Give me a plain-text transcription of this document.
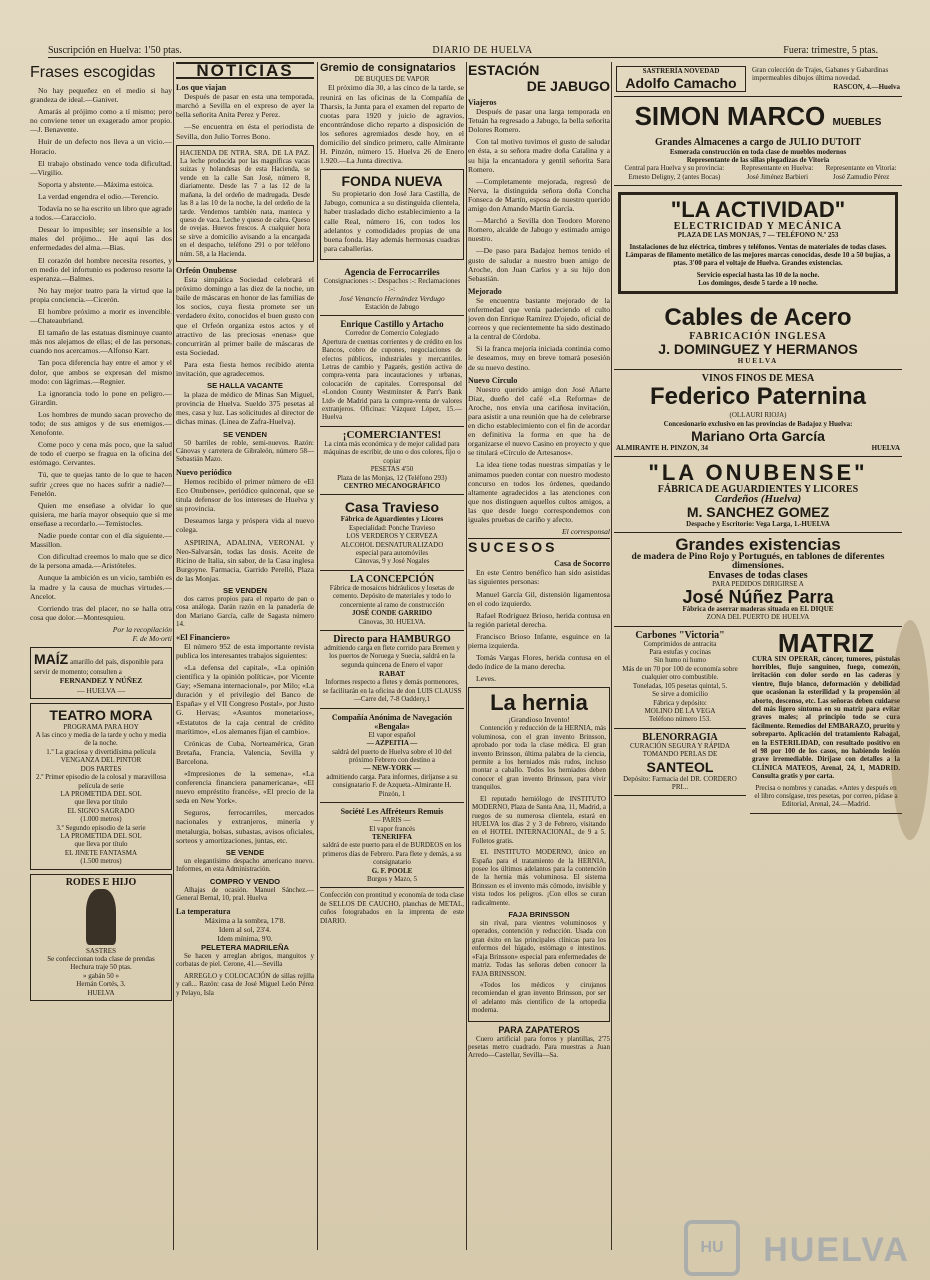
Suscripción en Huelva: 1'50 ptas.	DIARIO DE HUELVA	Fuera: trimestre, 5 ptas.
Frases escogidas

No hay pequeñez en el medio si hay grandeza de ideal.—Ganivet.

Amarás al prójimo como a tí mismo; pero no conviene tener un exagerado amor propio.—J. Benavente.

Huir de un defecto nos lleva a un vicio.—Horacio.

El trabajo obstinado vence toda dificultad.—Virgilio.

Soporta y abstente.—Máxima estoica.

La verdad engendra el odio.—Terencio.

Todavía no se ha escrito un libro que agrade a todos.—Caracciolo.

Desear lo imposible; ser insensible a los males del prójimo... He aquí las dos enfermedades del alma.—Bias.

El corazón del hombre necesita resortes, y en medio del infortunio es poderoso resorte la esperanza.—Balmes.

No hay mejor teatro para la virtud que la propia conciencia.—Cicerón.

El hombre próximo a morir es invencible.—Chateaubriand.

El tamaño de las estatuas disminuye cuanto más nos alejamos de ellas; el de las personas, cuando nos acercamos.—Alfonso Karr.

Tan poca diferencia hay entre el amor y el dolor, que ambos se expresan del mismo modo: con lágrimas.—Regnier.

La ignorancia todo lo pone en peligro.—Girardin.

Los hombres de mundo sacan provecho de todo; de sus amigos y de sus enemigos.—Xenofonte.

Come poco y cena más poco, que la salud de todo el cuerpo se fragua en la oficina del estómago. Cervantes.

Tú, que te quejas tanto de lo que te hacen sufrir ¿crees que no haces sufrir a nadie?—Fenelón.

Quien me enseñase a olvidar lo que quisiera, me haría mayor obsequio que si me enseñase a recordarlo.—Temístocles.

Nadie puede contar con el día siguiente.—Massillon.

Con dificultad creemos lo malo que se dice de la persona amada.—Aristóteles.

Aunque la ambición es un vicio, también es la madre y la causa de muchas virtudes.—Ancelot.

Corriendo tras del placer, no se halla otra cosa que dolor.—Montesquieu.

Por la recopilación
F. de Mo·orti
MAÍZ amarillo del país, disponible para servir de momento; consulten a
FERNANDEZ Y NÚÑEZ
— HUELVA —
TEATRO MORA
PROGRAMA PARA HOY
A las cinco y media de la tarde y ocho y media de la noche.
1.º La graciosa y divertidísima película VENGANZA DEL PINTOR
DOS PARTES
2.º Primer episodio de la colosal y maravillosa película de serie
LA PROMETIDA DEL SOL
que lleva por título
EL SIGNO SAGRADO
(1.000 metros)
3.º Segundo episodio de la serie
LA PROMETIDA DEL SOL
que lleva por título
EL JINETE FANTASMA
(1.500 metros)
RODES E HIJO
SASTRES
Se confeccionan toda clase de prendas
Hechura traje 50 ptas.
» gabán 50 »
Hernán Cortés, 3.
HUELVA
NOTICIAS
Los que viajan

Después de pasar en esta una temporada, marchó a Sevilla en el expreso de ayer la bella señorita Anita Perez y Perez.

—Se encuentra en ésta el periodista de Sevilla, don Julio Torres Bono.

HACIENDA DE NTRA. SRA. DE LA PAZ. La leche producida por las magníficas vacas suizas y holandesas de esta Hacienda, se vende en la calle San José, número 8, diariamente. Desde las 7 a las 12 de la mañana, la del ordeño de madrugada. Desde las 8 a las 10 de la noche, la del ordeño de la tarde. Vendemos también nata, manteca y queso de vaca. Leche y queso de cabra. Queso de ovejas. Huevos frescos. A cualquier hora se sirve a domicilio avisando a la encargada en el despacho, teléfono 291 o por teléfono núm. 58, a la Hacienda.
Orfeón Onubense

Esta simpática Sociedad celebrará el próximo domingo a las diez de la noche, un baile de máscaras en honor de las familias de los socios, cuya fiesta promete ser un verdadero éxito, conocidos el buen gusto con que el Orfeón organiza estos actos y el atractivo de las preciosas «nenas» que concurrirán al primer baile de máscaras de esta Sociedad.

Para esta fiesta hemos recibido atenta invitación, que agradecemos.

SE HALLA VACANTE

la plaza de médico de Minas San Miguel, provincia de Huelva. Sueldo 375 pesetas al mes, casa y luz. Las solicitudes al director de dichas minas. (Linea de Zafra-Huelva).

SE VENDEN

50 barriles de roble, semi-nuevos. Razón: Cánovas y carretera de Gibraleón, número 58—Sebastián Mazo.

Nuevo periódico

Hemos recibido el primer número de «El Eco Onubense», periódico quincenal, que se titula defensor de los intereses de Huelva y su provincia.

Deseamos larga y próspera vida al nuevo colega.

ASPIRINA, ADALINA, VERONAL y Neo-Salvarsán, todas las dosis. Aceite de Ricino de Italia, sin sabor, de la Casa inglesa Burgoyne. Farmacia, Garrido Perelló, Plaza de las Monjas.

SE VENDEN

dos carros propios para el reparto de pan o cosa análoga. Darán razón en la panadería de don Mariano García, calle de Sagasta número 14.

«El Financiero»

El número 952 de esta importante revista publica los interesantes trabajos siguientes:

«La defensa del capital», «La opinión científica y la opinión política», por Vicente Gay; «Semana internacional», por Milo; «La duración y el privilegio del Banco de España» y el VII Congreso Postal», por Justo G. Hervas; «Asuntos monetarios», «Estatutos de la caja central de crédito marítimo», «Los alemanes fijan el cambio».

Crónicas de Cuba, Norteamérica, Gran Bretaña, Francia, Valencia, Sevilla y Barcelona.

«Impresiones de la semena», «La conferencia financiera panamericana», «El nuevo empréstito francés», «El precio de la seda en New York».

Seguros, ferrocarriles, mercados nacionales y extranjeros, minería y metalurgia, bolsas, subastas, avisos oficiales, sorteos y amortizaciones, juntas, etc.

SE VENDE

un elegantísimo despacho americano nuevo. Informes, en esta Administración.

COMPRO Y VENDO

Alhajas de ocasión. Manuel Sánchez.—General Bernal, 10, pral. Huelva

La temperatura
Máxima a la sombra, 17'8.
Idem al sol, 23'4.
Idem mínima, 9'0.
PELETERA MADRILEÑA

Se hacen y arreglan abrigos, manguitos y corbatas de piel. Cerone, 41.—Sevilla

ARREGLO y COLOCACIÓN de sillas rejilla y cañ... Razón: casa de José Miguel León Pérez y Pelayo, Isla

Gremio de consignatarios
DE BUQUES DE VAPOR

El próximo día 30, a las cinco de la tarde, se reunirá en las oficinas de la Compañía de Tharsis, la Junta para el examen del reparto de cuotas para 1920 y juicio de agravios, encontrándose dicho reparto a disposición de los señores agremiados desde hoy, en el domicilio del síndico primero, calle Almirante H. Pinzón, número 15. Huelva 26 de Enero 1.920.—La Junta directiva.

FONDA NUEVA

Su propietario don José Jara Castilla, de Jabugo, comunica a su distinguida clientela, haber trasladado dicho establecimiento a la calle Real, número 16, con todos los adelantos y comodidades propias de una buena fonda. Hay además hermosas cuadras para caballerías.

Agencia de Ferrocarriles
Consignaciones :-: Despachos :-: Reclamaciones :-:
José Venancio Hernández Verdugo
Estación de Jabugo
Enrique Castillo y Artacho
Corredor de Comercio Colegiado
Apertura de cuentas corrientes y de crédito en los Bancos, cobro de cupones, negociaciones de efectos públicos, industriales y mercantiles. Letras de cambio y Pagarés, gestión activa de compra-venta para incautaciones y urbanas, colocación de capitales. Corresponsal del «London County Westminster & Parr's Bank Ltd» de Madrid para la compra-venta de valores extranjeros. Oficinas: Vázquez López, 15.—Huelva
¡COMERCIANTES!
La cinta más económica y de mejor calidad para máquinas de escribir, de uno o dos colores, fijo o copiar
PESETAS 4'50
Plaza de las Monjas, 12 (Teléfono 293)
CENTRO MECANOGRÁFICO
Casa Travieso
Fábrica de Aguardientes y Licores
Especialidad: Ponche Travieso
LOS VERDEROS Y CERVEZA
ALCOHOL DESNATURALIZADO
especial para automóviles
Cánovas, 9 y José Nogales
LA CONCEPCIÓN
Fábrica de mosaicos hidráulicos y losetas de cemento. Depósito de materiales y todo lo concerniente al ramo de construcción
JOSÉ CONDE GARRIDO
Cánovas, 30. HUELVA.
Directo para HAMBURGO
admitiendo carga en flete corrido para Bremen y los puertos de Noruega y Suecia, saldrá en la segunda quincena de Enero el vapor
RABAT
Informes respecto a fletes y demás pormenores, se facilitarán en la oficina de don LUIS CLAUSS—Carre del, 7-8 Oaddery,1
Compañía Anónima de Navegación «Bengala»
El vapor español
— AZPEITIA —
saldrá del puerto de Huelva sobre el 10 del próximo Febrero con destino a
— NEW-YORK —
admitiendo carga. Para informes, diríjanse a su consignatario F. de Azqueta.-Almirante H. Pinzón, 1
Société Les Affréteurs Remuis
— PARIS —
El vapor francés
TENERIFFA
saldrá de este puerto para el de BURDEOS en los primeros días de Febrero. Para flete y demás, a su consignatario
G. F. POOLE
Burgos y Mazo, 5
Confección con prontitud y economía de toda clase de SELLOS DE CAUCHO, planchas de METAL, cuños fotograbados en la imprenta de este DIARIO.
ESTACIÓN
DE JABUGO
Viajeros

Después de pasar una larga temporada en Tetuán ha regresado a Jabugo, la bella señorita Dolores Romero.

Con tal motivo tuvimos el gusto de saludar en ésta, a su señora madre doña Catalina y a su hija la encantadora y gentil señorita Sara Romero.

—Completamente mejorada, regresó de Nerva, la distinguida señora doña Concha Fonseca de Martín, esposa de nuestro querido amigo don Amando Martín García.

—Marchó a Sevilla don Teodoro Moreno Romero, alcalde de Jabugo y estimado amigo nuestro.

—De paso para Badajoz hemos tenido el gusto de saludar a nuestro buen amigo de Aroche, don Juan Carlos y a su hijo don Sebastián.

Mejorado

Se encuentra bastante mejorado de la enfermedad que venía padeciendo el culto joven don Enrique Ramírez D'ojedo, oficial de correos y que recientemente ha sido destinado a la central de Córdoba.

Si la franca mejoría iniciada continúa como le deseamos, muy en breve tomará posesión de su nuevo destino.

Nuevo Círculo

Nuestro querido amigo don José Añarte Díaz, dueño del café «La Reforma» de Aroche, nos envía una cariñosa invitación, para asistir a una reunión que ha de celebrarse en dicho establecimiento con el fin de acordar en definitiva la forma en que ha de organizarse el nuevo Casino en proyecto y que se titulará «Círculo de Artesanos».

La idea tiene todas nuestras simpatías y le animamos pueden contar con nuestro modesto concurso en todos los órdenes, quedando altamente agradecidos a las atenciones con que nos distinguen aquellos cultos amigos, a las que desde luego correspondemos con iguales pruebas de cariño y afecto.

El corresponsal
SUCESOS
Casa de Socorro

En este Centro benéfico han sido asistidas las siguientes personas:

Manuel García Gil, distensión ligamentosa en el codo izquierdo.

Rafael Rodríguez Brioso, herida contusa en la región parietal derecha.

Francisco Brioso Infante, esguince en la pierna izquierda.

Tomás Vargas Flores, herida contusa en el dedo índice de la mano derecha.

Leves.

La hernia
¡Grandioso Invento!

Contención y reducción de la HERNIA, más voluminosa, con el gran invento Brinsson, aprobado por toda la clase médica. El gran invento Brinsson, última palabra de la ciencia, permite a los herniados más rudos, incluso montar a caballo. Todos los herniados deben conocer el gran invento Brinsson, para vivir tranquilos.

El reputado herniólogo de INSTITUTO MODERNO, Plaza de Santa Ana, 11, Madrid, a ruegos de su numerosa clientela, estará en HUELVA los días 2 y 3 de Febrero, visitando en el HOTEL INTERNACIONAL, de 9 a 5. Folletos gratis.

EL INSTITUTO MODERNO, único en España para el tratamiento de la HERNIA, posee los últimos adelantos para la contención de la hernia más voluminosa. El sistema Brinsson es el invento más cómodo, invisible y vista todos los peligros. ¡Con ellos se curan radicalmente.

FAJA BRINSSON

sin rival, para vientres voluminosos y operados, contención y reducción. Usada con gran éxito en las principales clínicas para los enfermos del hígado, estómago e intestinos. «Faja Brinsson» especial para enfermedades de matriz. Todas las señoras deben conocer la FAJA BRINSSON.

«Todos los médicos y cirujanos recomiendan el gran invento Brinsson, por ser el adelanto más científico de la ortopedia moderna.

PARA ZAPATEROS

Cuero artificial para forros y plantillas, 2'75 pesetas metro cuadrado. Para muestras a Juan Arredo—Castellar, Sevilla—Sa.

SASTRERÍA NOVEDAD
Adolfo Camacho
Gran colección de Trajes, Gabanes y Gabardinas impermeables dibujos última novedad.
RASCON, 4.—Huelva
SIMON MARCO MUEBLES
Grandes Almacenes a cargo de JULIO DUTOIT
Esmerada construcción en toda clase de muebles modernos
Representante de las sillas plegadizas de Vitoria
Central para Huelva y su provincia: Ernesto Deligny, 2 (antes Bocas)
Representante en Huelva: José Jiménez Barbieri
Representante en Vitoria: José Zamudio Pérez
"LA ACTIVIDAD"
ELECTRICIDAD Y MECÁNICA
PLAZA DE LAS MONJAS, 7 — TELÉFONO N.º 253
Instalaciones de luz eléctrica, timbres y teléfonos. Ventas de materiales de todas clases. Lámparas de filamento metálico de las mejores marcas conocidas, desde 10 a 50 bujías, a ptas. 3'00 para el voltaje de Huelva. Grandes existencias.
Servicio especial hasta las 10 de la noche.
Los domingos, desde 5 tarde a 10 noche.
Cables de Acero
FABRICACIÓN INGLESA
J. DOMINGUEZ Y HERMANOS
HUELVA
VINOS FINOS DE MESA
Federico Paternina
(OLLAURI RIOJA)
Concesionario exclusivo en las provincias de Badajoz y Huelva:
Mariano Orta García
ALMIRANTE H. PINZON, 34	HUELVA
"LA ONUBENSE"
FÁBRICA DE AGUARDIENTES Y LICORES
Cardeños (Huelva)
M. SANCHEZ GOMEZ
Despacho y Escritorio: Vega Larga, 1.-HUELVA
Grandes existencias
de madera de Pino Rojo y Portugués, en tablones de diferentes dimensiones.
Envases de todas clases
PARA PEDIDOS DIRIGIRSE A
José Núñez Parra
Fábrica de aserrar maderas situada en EL DIQUE
ZONA DEL PUERTO DE HUELVA
Carbones "Victoria"
Comprimidos de antracita
Para estufas y cocinas
Sin humo ni humo
Más de un 70 por 100 de economía sobre cualquier otro combustible.
Toneladas, 105 pesetas quintal, 5.
Se sirve a domicilio
Fábrica y depósito:
MOLINO DE LA VEGA
Teléfono número 153.
BLENORRAGIA
CURACIÓN SEGURA Y RÁPIDA
TOMANDO PERLAS DE
SANTEOL
Depósito: Farmacia del DR. CORDERO PRI...
MATRIZ
CURA SIN OPERAR, cáncer, tumores, pústulas horribles, flujo sanguíneo, fuego, comezón, irritación con dolor sordo en las caderas y vientre, flujo blanco, deformación y debilidad que ocasionan la esterilidad y la propensión al aborto, descenso, etc. Las señoras deben cuidarse del más ligero síntoma en su matriz para evitar graves males; al principio todo se cura fácilmente. Remedios del EMBARAZO, prurito y sobreparto. Aplicación del tratamiento Rabagal, en la ESTERILIDAD, con resultado positivo en el 98 por 100 de los casos, no habiendo lesión grave irremediable. Diríjase con detalles a la CLÍNICA MATEOS, Arenal, 24, 1, MADRID. Consulta gratis y por carta.
Precisa o nombres y canadas. «Antes y después en el libro consígase, tres pesetas, por correo, pídase a Editorial, Arenal, 24.—Madrid.
HU	HUELVA
